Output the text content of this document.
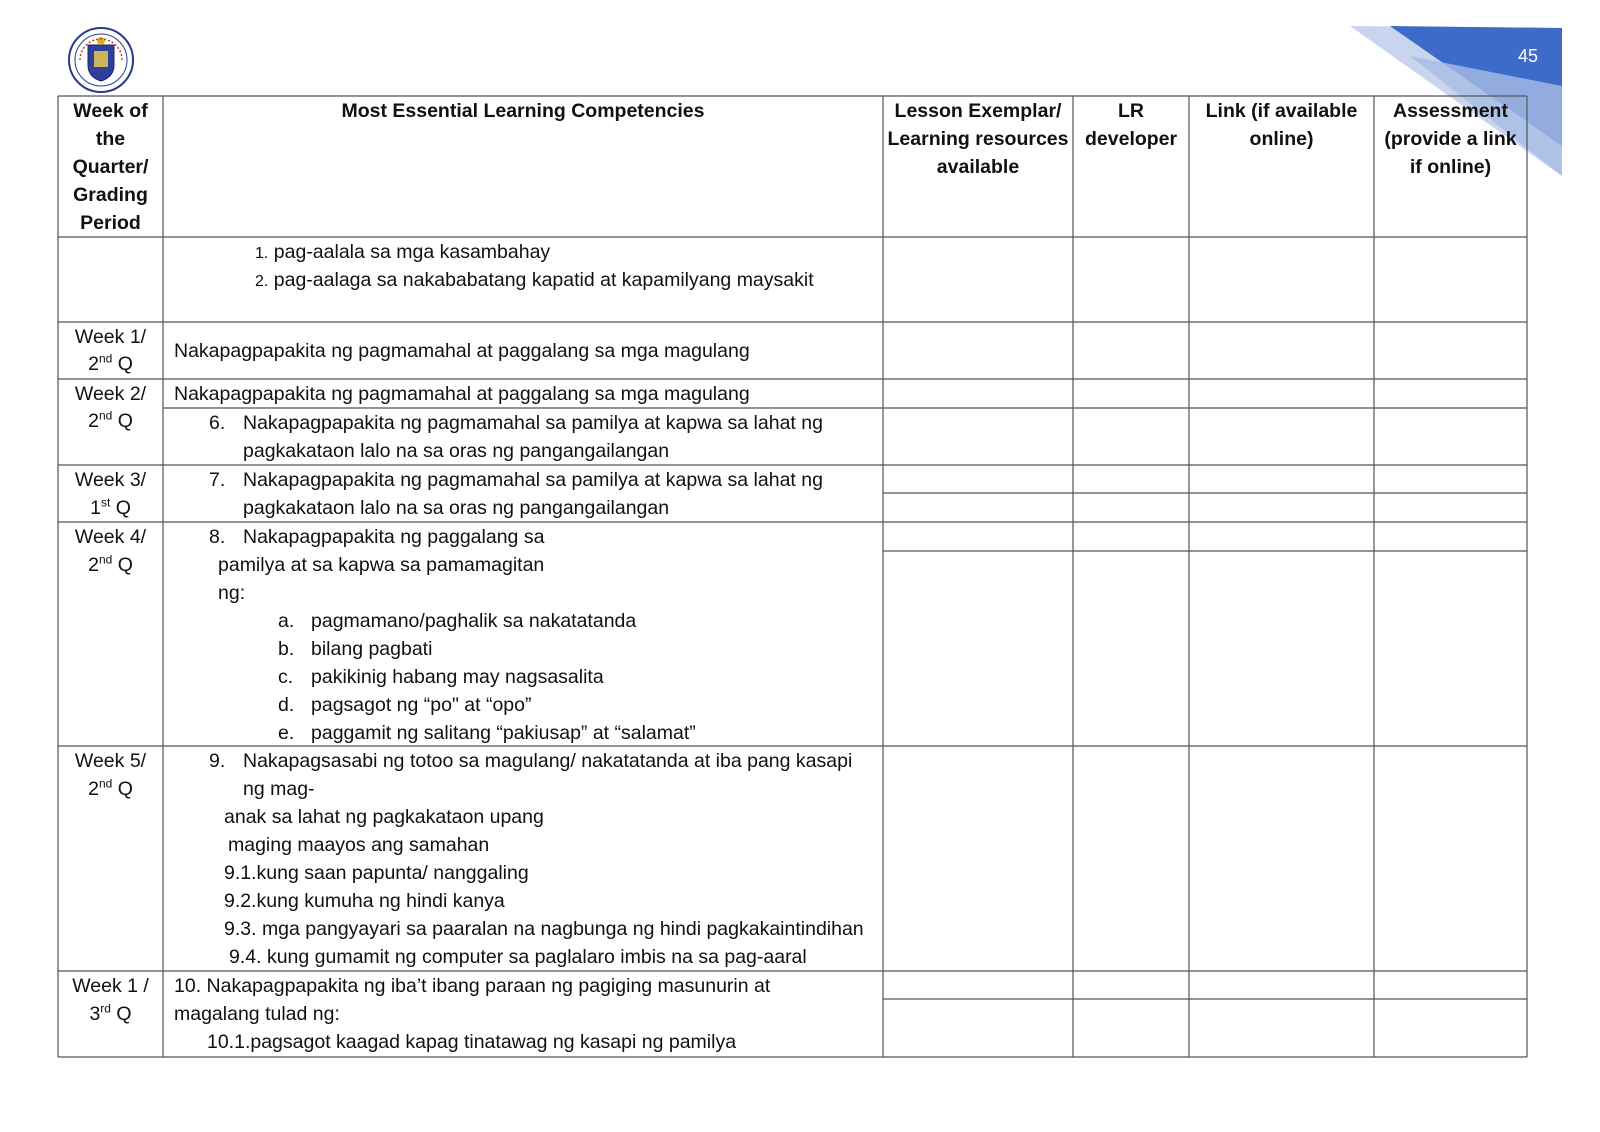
45
Week of the Quarter/ Grading Period
Most Essential Learning Competencies	Lesson Exemplar/ Learning resources available
LR developer
Link (if available online)
Assessment (provide a link if online)
1. pag-aalala sa mga kasambahay
2. pag-aalaga sa nakababatang kapatid at kapamilyang maysakit
Week 1/
2nd Q
Nakapagpapakita ng pagmamahal at paggalang sa mga magulang
Week 2/
2nd Q
Nakapagpapakita ng pagmamahal at paggalang sa mga magulang
6. Nakapagpapakita ng pagmamahal sa pamilya at kapwa sa lahat ng
pagkakataon lalo na sa oras ng pangangailangan
Week 3/
1st Q
7. Nakapagpapakita ng pagmamahal sa pamilya at kapwa sa lahat ng
pagkakataon lalo na sa oras ng pangangailangan
Week 4/
2nd Q
8. Nakapagpapakita ng paggalang sa
pamilya at sa kapwa sa pamamagitan
ng:
a. pagmamano/paghalik sa nakatatanda
b. bilang pagbati
c. pakikinig habang may nagsasalita
d. pagsagot ng “po" at “opo”
e. paggamit ng salitang “pakiusap” at “salamat”
Week 5/
2nd Q
9. Nakapagsasabi ng totoo sa magulang/ nakatatanda at iba pang kasapi
ng mag-
anak sa lahat ng pagkakataon upang
maging maayos ang samahan
9.1.kung saan papunta/ nanggaling
9.2.kung kumuha ng hindi kanya
9.3. mga pangyayari sa paaralan na nagbunga ng hindi pagkakaintindihan
9.4. kung gumamit ng computer sa paglalaro imbis na sa pag-aaral
Week 1 /
3rd Q
10. Nakapagpapakita ng iba’t ibang paraan ng pagiging masunurin at
magalang tulad ng:
10.1.pagsagot kaagad kapag tinatawag ng kasapi ng pamilya
